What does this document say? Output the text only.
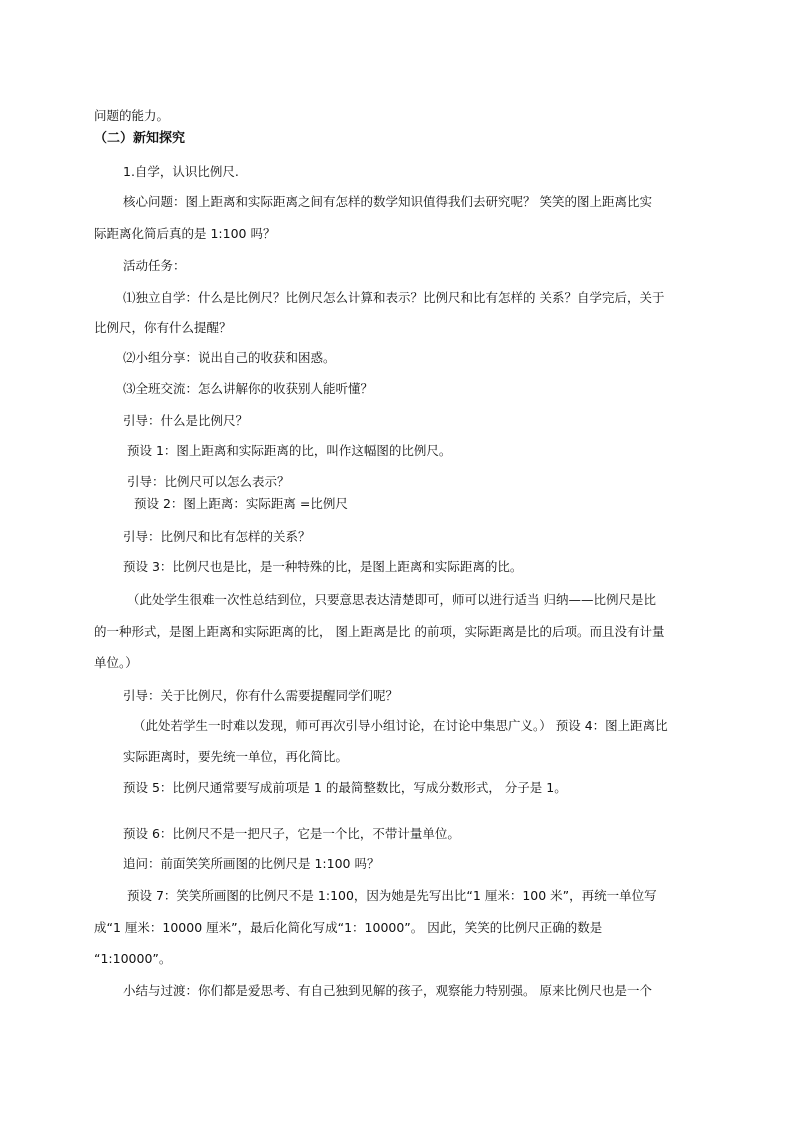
问题的能力。

（二）新知探究

1.自学，认识比例尺.

核心问题：图上距离和实际距离之间有怎样的数学知识值得我们去研究呢？ 笑笑的图上距离比实

际距离化简后真的是 1:100 吗？

活动任务：

⑴独立自学：什么是比例尺？比例尺怎么计算和表示？比例尺和比有怎样的 关系？自学完后，关于

比例尺，你有什么提醒？

⑵小组分享：说出自己的收获和困惑。

⑶全班交流：怎么讲解你的收获别人能听懂？

引导：什么是比例尺？

预设 1：图上距离和实际距离的比，叫作这幅图的比例尺。

引导：比例尺可以怎么表示？

预设 2：图上距离：实际距离 =比例尺

引导：比例尺和比有怎样的关系？

预设 3：比例尺也是比，是一种特殊的比，是图上距离和实际距离的比。

（此处学生很难一次性总结到位，只要意思表达清楚即可，师可以进行适当 归纳——比例尺是比

的一种形式，是图上距离和实际距离的比， 图上距离是比 的前项，实际距离是比的后项。而且没有计量

单位。）

引导：关于比例尺，你有什么需要提醒同学们呢？

（此处若学生一时难以发现，师可再次引导小组讨论，在讨论中集思广义。） 预设 4：图上距离比

实际距离时，要先统一单位，再化简比。

预设 5：比例尺通常要写成前项是 1 的最简整数比，写成分数形式， 分子是 1。

预设 6：比例尺不是一把尺子，它是一个比，不带计量单位。

追问：前面笑笑所画图的比例尺是 1:100 吗？

预设 7：笑笑所画图的比例尺不是 1:100，因为她是先写出比“1 厘米：100 米”，再统一单位写

成“1 厘米：10000 厘米”，最后化简化写成“1：10000”。 因此，笑笑的比例尺正确的数是

“1:10000”。

小结与过渡：你们都是爱思考、有自己独到见解的孩子，观察能力特别强。 原来比例尺也是一个
